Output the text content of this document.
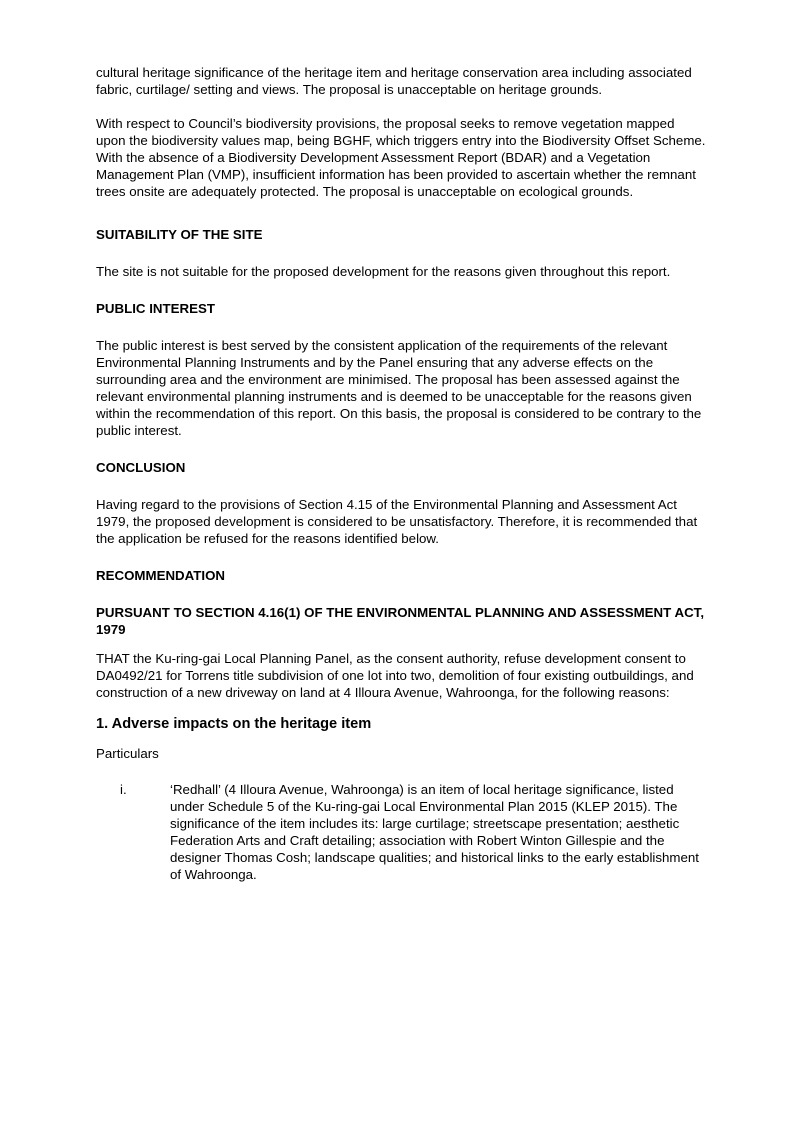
cultural heritage significance of the heritage item and heritage conservation area including associated fabric, curtilage/ setting and views. The proposal is unacceptable on heritage grounds.

With respect to Council’s biodiversity provisions, the proposal seeks to remove vegetation mapped upon the biodiversity values map, being BGHF, which triggers entry into the Biodiversity Offset Scheme. With the absence of a Biodiversity Development Assessment Report (BDAR) and a Vegetation Management Plan (VMP), insufficient information has been provided to ascertain whether the remnant trees onsite are adequately protected. The proposal is unacceptable on ecological grounds.

SUITABILITY OF THE SITE

The site is not suitable for the proposed development for the reasons given throughout this report.

PUBLIC INTEREST

The public interest is best served by the consistent application of the requirements of the relevant Environmental Planning Instruments and by the Panel ensuring that any adverse effects on the surrounding area and the environment are minimised. The proposal has been assessed against the relevant environmental planning instruments and is deemed to be unacceptable for the reasons given within the recommendation of this report. On this basis, the proposal is considered to be contrary to the public interest.

CONCLUSION

Having regard to the provisions of Section 4.15 of the Environmental Planning and Assessment Act 1979, the proposed development is considered to be unsatisfactory. Therefore, it is recommended that the application be refused for the reasons identified below.

RECOMMENDATION
PURSUANT TO SECTION 4.16(1) OF THE ENVIRONMENTAL PLANNING AND ASSESSMENT ACT, 1979

THAT the Ku-ring-gai Local Planning Panel, as the consent authority, refuse development consent to DA0492/21 for Torrens title subdivision of one lot into two, demolition of four existing outbuildings, and construction of a new driveway on land at 4 Illoura Avenue, Wahroonga, for the following reasons:

1. Adverse impacts on the heritage item

Particulars

i.	‘Redhall’ (4 Illoura Avenue, Wahroonga) is an item of local heritage significance, listed under Schedule 5 of the Ku-ring-gai Local Environmental Plan 2015 (KLEP 2015). The significance of the item includes its: large curtilage; streetscape presentation; aesthetic Federation Arts and Craft detailing; association with Robert Winton Gillespie and the designer Thomas Cosh; landscape qualities; and historical links to the early establishment of Wahroonga.
